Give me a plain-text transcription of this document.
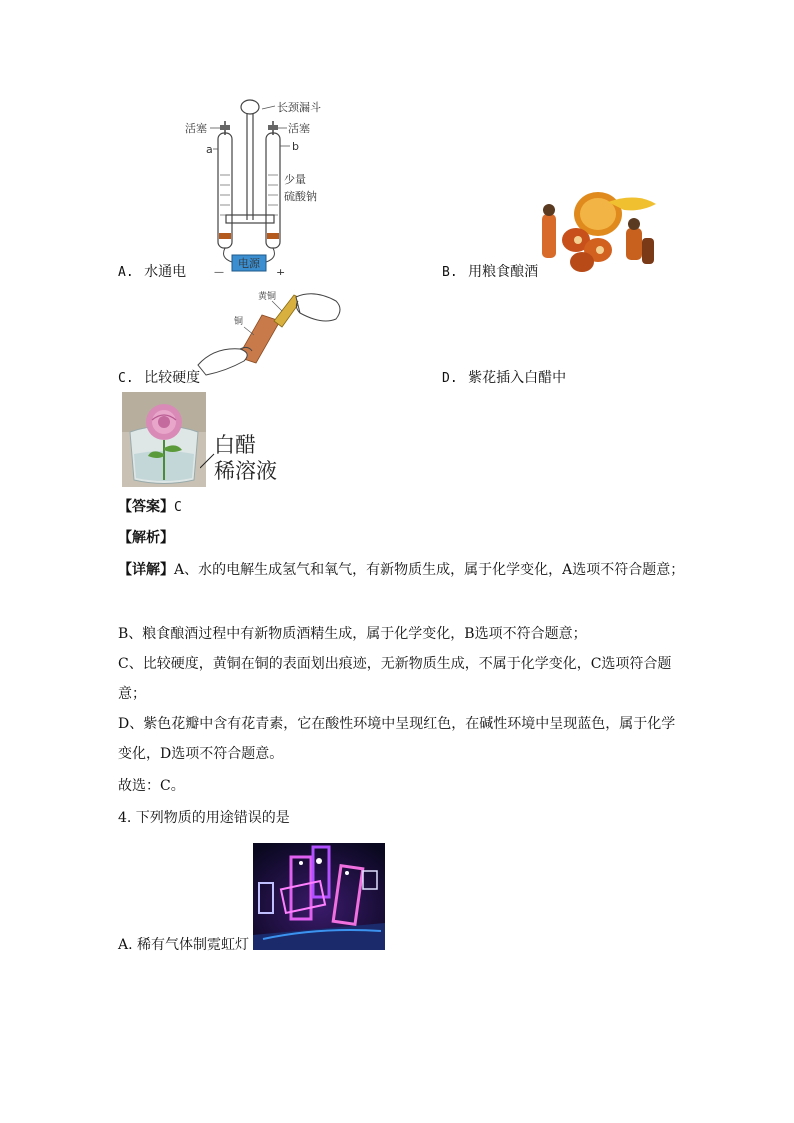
电源
—	+
长颈漏斗
活塞	活塞
a	b
少量
硫酸钠
A. 水通电	B. 用粮食酿酒
黄铜
铜
C. 比较硬度	D. 紫花插入白醋中
白醋
稀溶液
【答案】C
【解析】
【详解】A、水的电解生成氢气和氧气，有新物质生成，属于化学变化，A选项不符合题意；
B、粮食酿酒过程中有新物质酒精生成，属于化学变化，B选项不符合题意；
C、比较硬度，黄铜在铜的表面划出痕迹，无新物质生成，不属于化学变化，C选项符合题意；
D、紫色花瓣中含有花青素，它在酸性环境中呈现红色，在碱性环境中呈现蓝色，属于化学变化，D选项不符合题意。
故选：C。
4. 下列物质的用途错误的是
A. 稀有气体制霓虹灯
